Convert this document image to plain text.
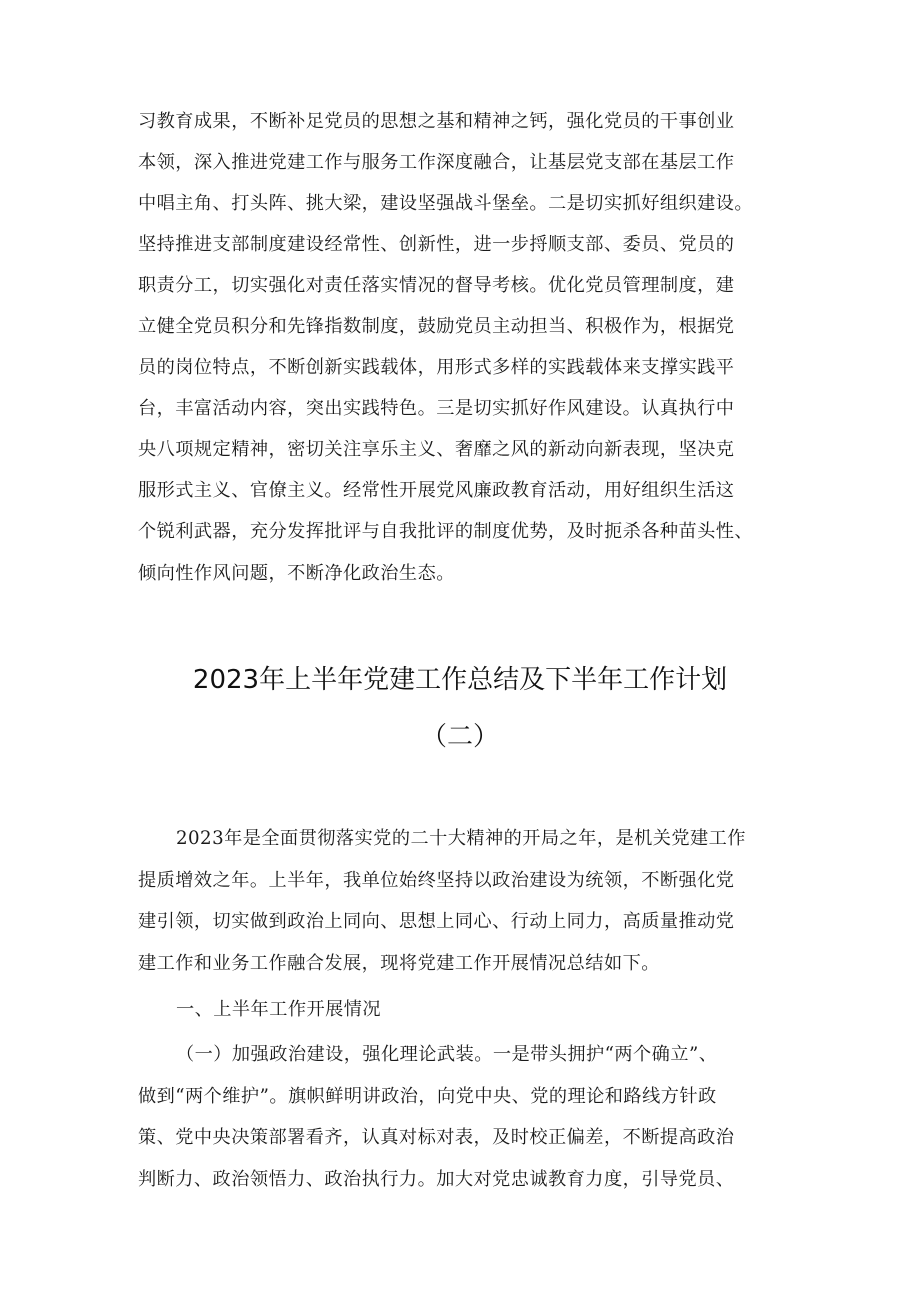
习教育成果，不断补足党员的思想之基和精神之钙，强化党员的干事创业
本领，深入推进党建工作与服务工作深度融合，让基层党支部在基层工作
中唱主角、打头阵、挑大梁，建设坚强战斗堡垒。二是切实抓好组织建设。
坚持推进支部制度建设经常性、创新性，进一步捋顺支部、委员、党员的
职责分工，切实强化对责任落实情况的督导考核。优化党员管理制度，建
立健全党员积分和先锋指数制度，鼓励党员主动担当、积极作为，根据党
员的岗位特点，不断创新实践载体，用形式多样的实践载体来支撑实践平
台，丰富活动内容，突出实践特色。三是切实抓好作风建设。认真执行中
央八项规定精神，密切关注享乐主义、奢靡之风的新动向新表现，坚决克
服形式主义、官僚主义。经常性开展党风廉政教育活动，用好组织生活这
个锐利武器，充分发挥批评与自我批评的制度优势，及时扼杀各种苗头性、
倾向性作风问题，不断净化政治生态。
2023年上半年党建工作总结及下半年工作计划
（二）
2023年是全面贯彻落实党的二十大精神的开局之年，是机关党建工作
提质增效之年。上半年，我单位始终坚持以政治建设为统领，不断强化党
建引领，切实做到政治上同向、思想上同心、行动上同力，高质量推动党
建工作和业务工作融合发展，现将党建工作开展情况总结如下。
一、上半年工作开展情况
（一）加强政治建设，强化理论武装。一是带头拥护“两个确立”、
做到“两个维护”。旗帜鲜明讲政治，向党中央、党的理论和路线方针政
策、党中央决策部署看齐，认真对标对表，及时校正偏差，不断提高政治
判断力、政治领悟力、政治执行力。加大对党忠诚教育力度，引导党员、
